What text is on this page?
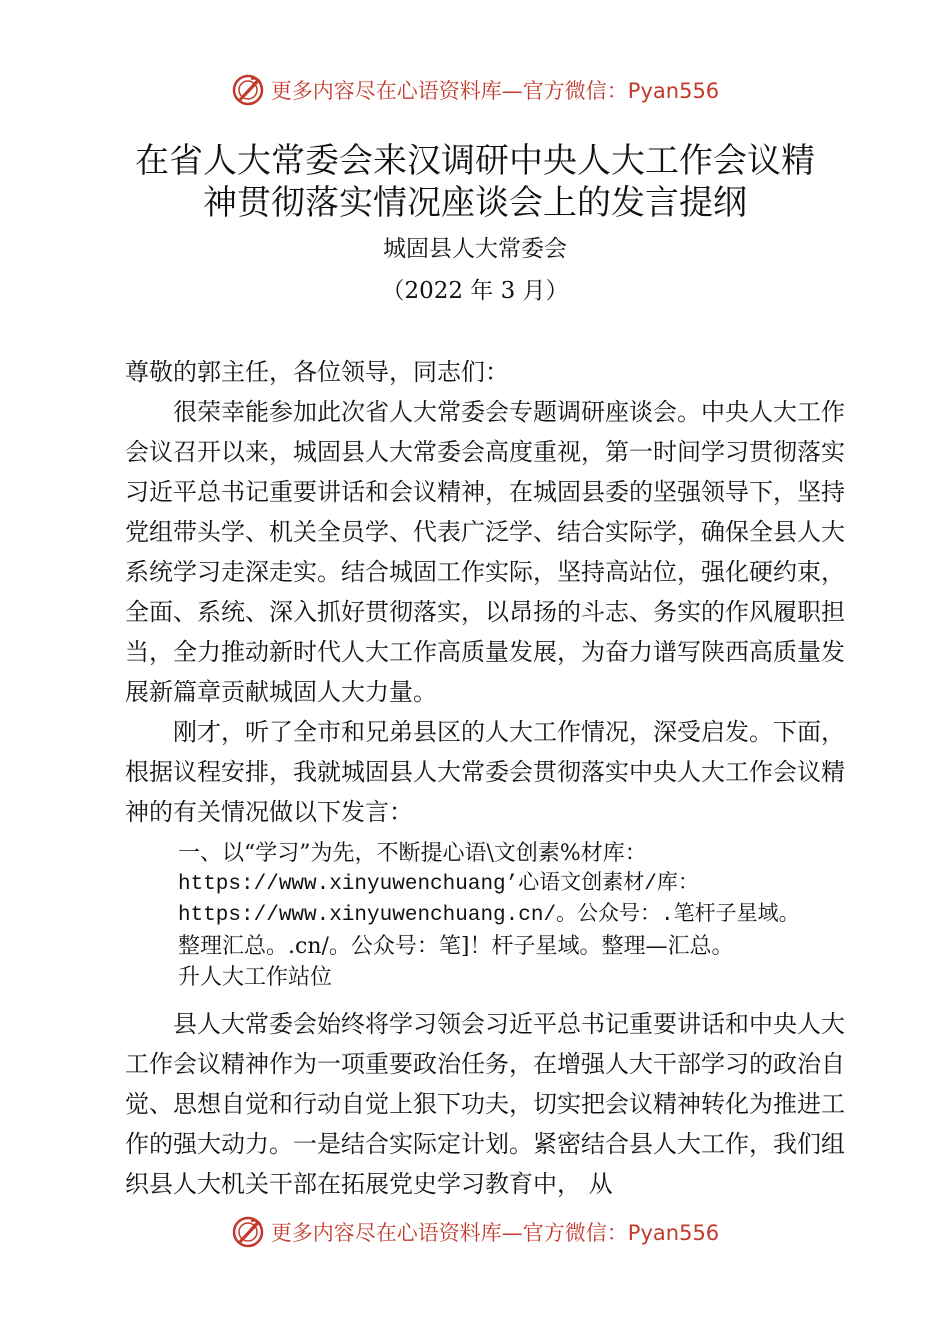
更多内容尽在心语资料库—官方微信：Pyan556
在省人大常委会来汉调研中央人大工作会议精
神贯彻落实情况座谈会上的发言提纲
城固县人大常委会
（2022 年 3 月）
尊敬的郭主任，各位领导，同志们：

很荣幸能参加此次省人大常委会专题调研座谈会。中央人大工作会议召开以来，城固县人大常委会高度重视，第一时间学习贯彻落实习近平总书记重要讲话和会议精神，在城固县委的坚强领导下，坚持党组带头学、机关全员学、代表广泛学、结合实际学，确保全县人大系统学习走深走实。结合城固工作实际，坚持高站位，强化硬约束，全面、系统、深入抓好贯彻落实，以昂扬的斗志、务实的作风履职担当，全力推动新时代人大工作高质量发展，为奋力谱写陕西高质量发展新篇章贡献城固人大力量。

刚才，听了全市和兄弟县区的人大工作情况，深受启发。下面，根据议程安排，我就城固县人大常委会贯彻落实中央人大工作会议精神的有关情况做以下发言：

一、以“学习”为先，不断提心语\文创素%材库：
https://www.xinyuwenchuang’心语文创素材/库：
https://www.xinyuwenchuang.cn/。公众号：.笔杆子星域。
整理汇总。.cn/。公众号：笔]！杆子星域。整理—汇总。
升人大工作站位

县人大常委会始终将学习领会习近平总书记重要讲话和中央人大工作会议精神作为一项重要政治任务，在增强人大干部学习的政治自觉、思想自觉和行动自觉上狠下功夫，切实把会议精神转化为推进工作的强大动力。一是结合实际定计划。紧密结合县人大工作，我们组织县人大机关干部在拓展党史学习教育中， 从

更多内容尽在心语资料库—官方微信：Pyan556
